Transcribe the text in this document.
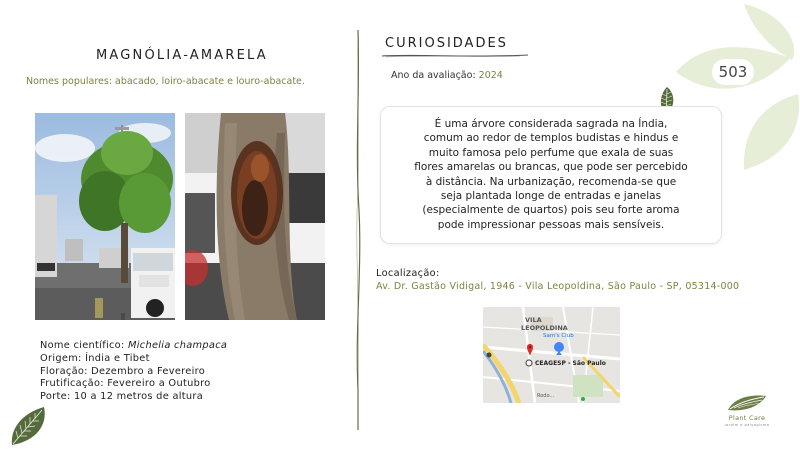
503
MAGNÓLIA-AMARELA
Nomes populares: abacado, loiro-abacate e louro-abacate.
Nome científico: Michelia champaca
Origem: Índia e Tibet
Floração: Dezembro a Fevereiro
Frutificação: Fevereiro a Outubro
Porte: 10 a 12 metros de altura
CURIOSIDADES
Ano da avaliação: 2024
É uma árvore considerada sagrada na Índia,
comum ao redor de templos budistas e hindus e
muito famosa pelo perfume que exala de suas
flores amarelas ou brancas, que pode ser percebido
à distância. Na urbanização, recomenda-se que
seja plantada longe de entradas e janelas
(especialmente de quartos) pois seu forte aroma
pode impressionar pessoas mais sensíveis.
Localização:
Av. Dr. Gastão Vidigal, 1946 - Vila Leopoldina, São Paulo - SP, 05314-000
VILA
LEOPOLDINA
Sam's Club
CEAGESP - São Paulo
Rodo...
Plant Care
jardim e paisagismo
